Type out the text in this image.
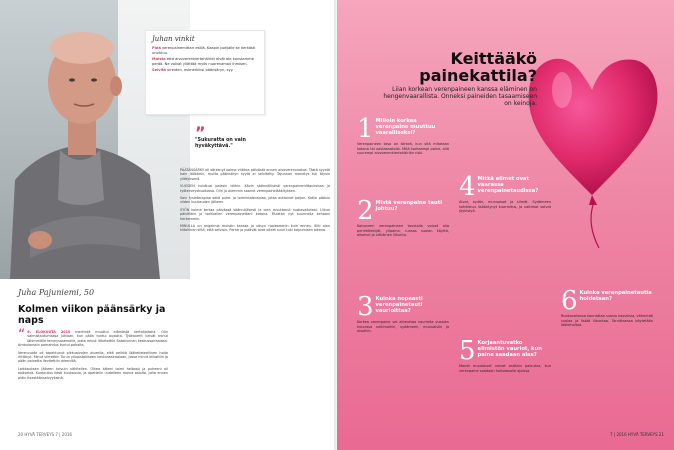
Juhan vinkit
Pidä verenpainemittari esillä. Kaapin pohjalle se herkästi unohtuu.
Muista että aivoverenkiertohäiriöt eivät ole konstamme perää. Ne voivat yllättää myös nuorenaman ihmisen.
Selvitä oireiden, esimerkiksi päänsäryn, syy.
”
"Sukuratta on vain hyväkyttävä."

PÄÄTÄNSÄRKY oli särkenyt kolme viikkoa päivästä ennen aivoverenvuotoa. Tästä syystä hain lääkäriin, mutta päänsäryn syytä ei selvitetty. Tajunnan menetys tuli täysin yllätyksenä.

VUODEN kuluttua palasin töihin. Kävin säännöllisesti verenpainemittauksissa ja työterveyshuollossa. Olin jo aiemmin saanut verenpainelääkityksen.

Sain fysioterapiaa sekä puhe- ja toimintaterapiaa, jotka auttoivat paljon. Kotiin pääsin viiden kuukauden jälkeen.

SYÖN kolme kertaa päivässä säännöllisesti ja olen muuttanut ruokavaliotani. Liikun päivittäin ja tarkkailen verenpainettani kotona. Muistan nyt kuunnella kehoani herkemmin.

MINULLA on ongelmia muistin kanssa ja väsyn nopeammin kuin ennen. Silti olen kiitollinen siitä, että selvisin. Perhe ja ystävät ovat olleet suuri tuki toipumisen aikana.

Juha Pajuniemi, 50
Kolmen viikon päänsärky ja naps

“ 6. ELOKUUTA 2010 merkintä muuttui elämästä kertaheitolla. Olin valmistautumassa juhlaan, kun pään tuntui oudolta. Työkaverit veivät minut lähimmälle terveysasemalle, josta minut lähetettiin Satakunnan keskussairaalaan. Ambulanssin pamahdus tuntui pahalta.

Verenvuoto oli tapahtunut pikkuaivojen alueella, eikä pelkkä lääketieteellinen hoito riittänyt. Minut siirrettiin Turun yliopistolliseen keskussairaalaan, jossa minut leikattiin ja pään painetta lievitettiin dreenillä.

Leikkauksen jälkeen toivuin vähitellen. Oikea käteni toimi heikosti ja puheeni oli epäselvä. Kuntoutus kesti kuukausia, ja opettelin uudelleen monia asioita, joita ennen pidin itsestäänselvyyksinä.

20 HYVÄ TERVEYS 7 | 2016
Keittääkö painekattila?
Liian korkean verenpaineen kanssa eläminen on hengenvaarallista. Onneksi paineiden tasaamiseen on keinoja.
1 Milloin korkea verenpaine muuttuu vaaralliseksi?
Verenpaineen taso on tärkeä, kun sitä mitataan kotona tai vastaanotolla. Mitä korkeampi paine, sitä suurempi aivoverenkiertohäiriön riski.
2 Mistä verenpaine tauti johtuu?
Kohonnen verenpaineen taustalla voivat olla perintötekijät, ylipaino, runsas suolan käyttö, alkoholi ja vähäinen liikunta.
3 Kuinka nopeasti verenpainetauti vaurioittaa?
Korkea verenpaine voi aiheuttaa vaurioita vuosien kuluessa valtimoihin, sydämeen, munuaisiin ja aivoihin.
4 Mitkä elimet ovat vaarassa verenpainetaudissa?
Aivot, sydän, munuaiset ja silmät. Sydämeen kohdistuu lisääntynyt kuormitus, ja valtimot voivat jäykistyä.
5 Korjaantuvatko elimistön vauriot, kun paine saadaan alas?
Monet muutokset voivat osittain palautua, kun verenpaine saadaan hoitotasolle ajoissa.
6 Kuinka verenpainetautia hoidetaan?
Ruokavaliossa kannattaa suosia kasviksia, vähentää suolaa ja lisätä liikuntaa. Tarvittaessa käytetään lääkehoitoa.
7 | 2016 HYVÄ TERVEYS 21
